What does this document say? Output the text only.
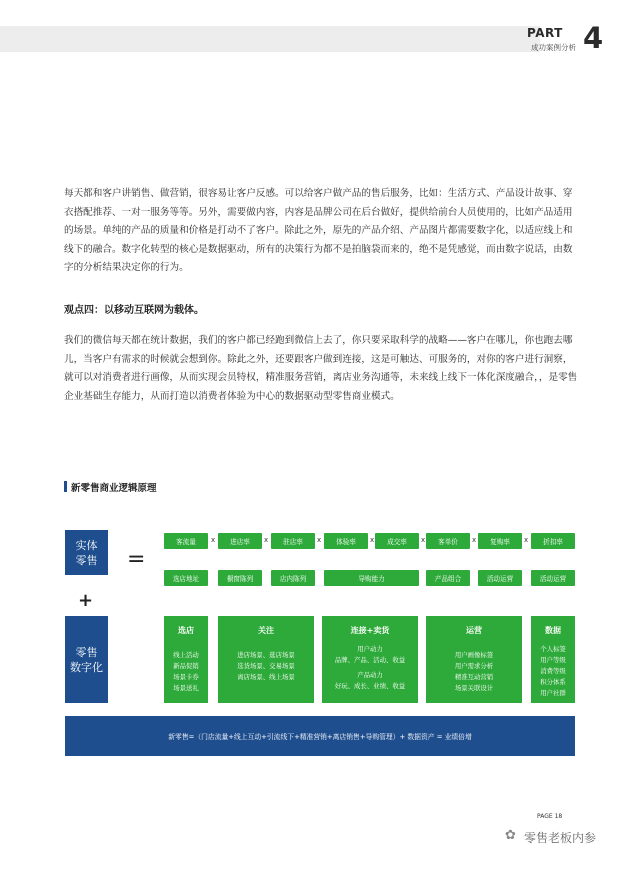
PART 4
成功案例分析

每天都和客户讲销售、做营销，很容易让客户反感。可以给客户做产品的售后服务，比如：生活方式、产品设计故事、穿衣搭配推荐、一对一服务等等。另外，需要做内容，内容是品牌公司在后台做好，提供给前台人员使用的，比如产品适用的场景。单纯的产品的质量和价格是打动不了客户。除此之外，原先的产品介绍、产品图片都需要数字化，以适应线上和线下的融合。数字化转型的核心是数据驱动，所有的决策行为都不是拍脑袋而来的，绝不是凭感觉，而由数字说话，由数字的分析结果决定你的行为。

观点四：以移动互联网为载体。

我们的微信每天都在统计数据，我们的客户都已经跑到微信上去了，你只要采取科学的战略——客户在哪儿，你也跑去哪儿，当客户有需求的时候就会想到你。除此之外，还要跟客户做到连接，这是可触达、可服务的，对你的客户进行洞察，就可以对消费者进行画像，从而实现会员特权，精准服务营销，离店业务沟通等，未来线上线下一体化深度融合，，是零售企业基础生存能力，从而打造以消费者体验为中心的数据驱动型零售商业模式。

新零售商业逻辑原理
实体
零售
+
零售
数字化
=
客流量	x	进店率	x	驻店率	x	体验率	x	成交率	x	客单价	x	复购率	x	折扣率
选店地址	橱窗陈列	店内陈列	导购能力	产品组合	活动运营	活动运营
选店
线上活动
新品促销
场景卡券
场景送礼
关注
进店场景、逛店场景
选货场景、交易场景
离店场景、线上场景
连接+卖货
用户动力
品牌、产品、活动、收益
产品动力
好玩、成长、业绩、收益
运营
用户画像标签
用户需求分析
精准互动营销
场景关联设计
数据
个人标签
用户等级
消费等级
积分体系
用户社群
新零售=（门店流量+线上互动+引流线下+精准营销+离店销售+导购管理）+ 数据资产 = 业绩倍增
PAGE 18
✿ 零售老板内参
